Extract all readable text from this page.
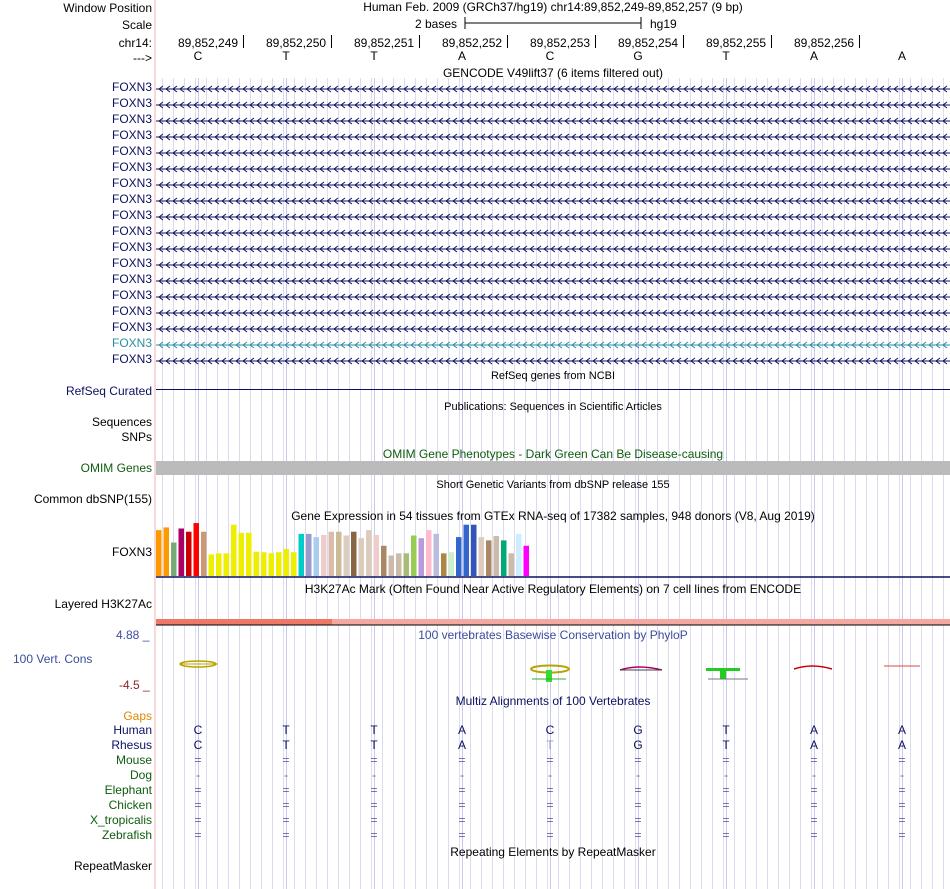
Window Position	Human Feb. 2009 (GRCh37/hg19) chr14:89,852,249-89,852,257 (9 bp)
Scale	2 bases	hg19
chr14: 89,852,249 89,852,250 89,852,251 89,852,252 89,852,253 89,852,254 89,852,255 89,852,256
--->	C	T	T	A	C	G	T	A	A
GENCODE V49lift37 (6 items filtered out)
FOXN3
FOXN3
FOXN3
FOXN3
FOXN3
FOXN3
FOXN3
FOXN3
FOXN3
FOXN3
FOXN3
FOXN3
FOXN3
FOXN3
FOXN3
FOXN3
FOXN3
FOXN3
RefSeq genes from NCBI
RefSeq Curated
Publications: Sequences in Scientific Articles
Sequences
SNPs
OMIM Gene Phenotypes - Dark Green Can Be Disease-causing
OMIM Genes
Short Genetic Variants from dbSNP release 155
Common dbSNP(155)
Gene Expression in 54 tissues from GTEx RNA-seq of 17382 samples, 948 donors (V8, Aug 2019)
FOXN3
H3K27Ac Mark (Often Found Near Active Regulatory Elements) on 7 cell lines from ENCODE
Layered H3K27Ac
100 vertebrates Basewise Conservation by PhyloP
4.88 _
100 Vert. Cons
-4.5 _
Multiz Alignments of 100 Vertebrates
Gaps
Human	C	T	T	A	C	G	T	A	A
Rhesus	C	T	T	A	T	G	T	A	A
Mouse	=	=	=	=	=	=	=	=	=
Dog	-	-	-	-	-	-	-	-	-
Elephant	=	=	=	=	=	=	=	=	=
Chicken	=	=	=	=	=	=	=	=	=
X_tropicalis	=	=	=	=	=	=	=	=	=
Zebrafish	=	=	=	=	=	=	=	=	=
Repeating Elements by RepeatMasker
RepeatMasker
